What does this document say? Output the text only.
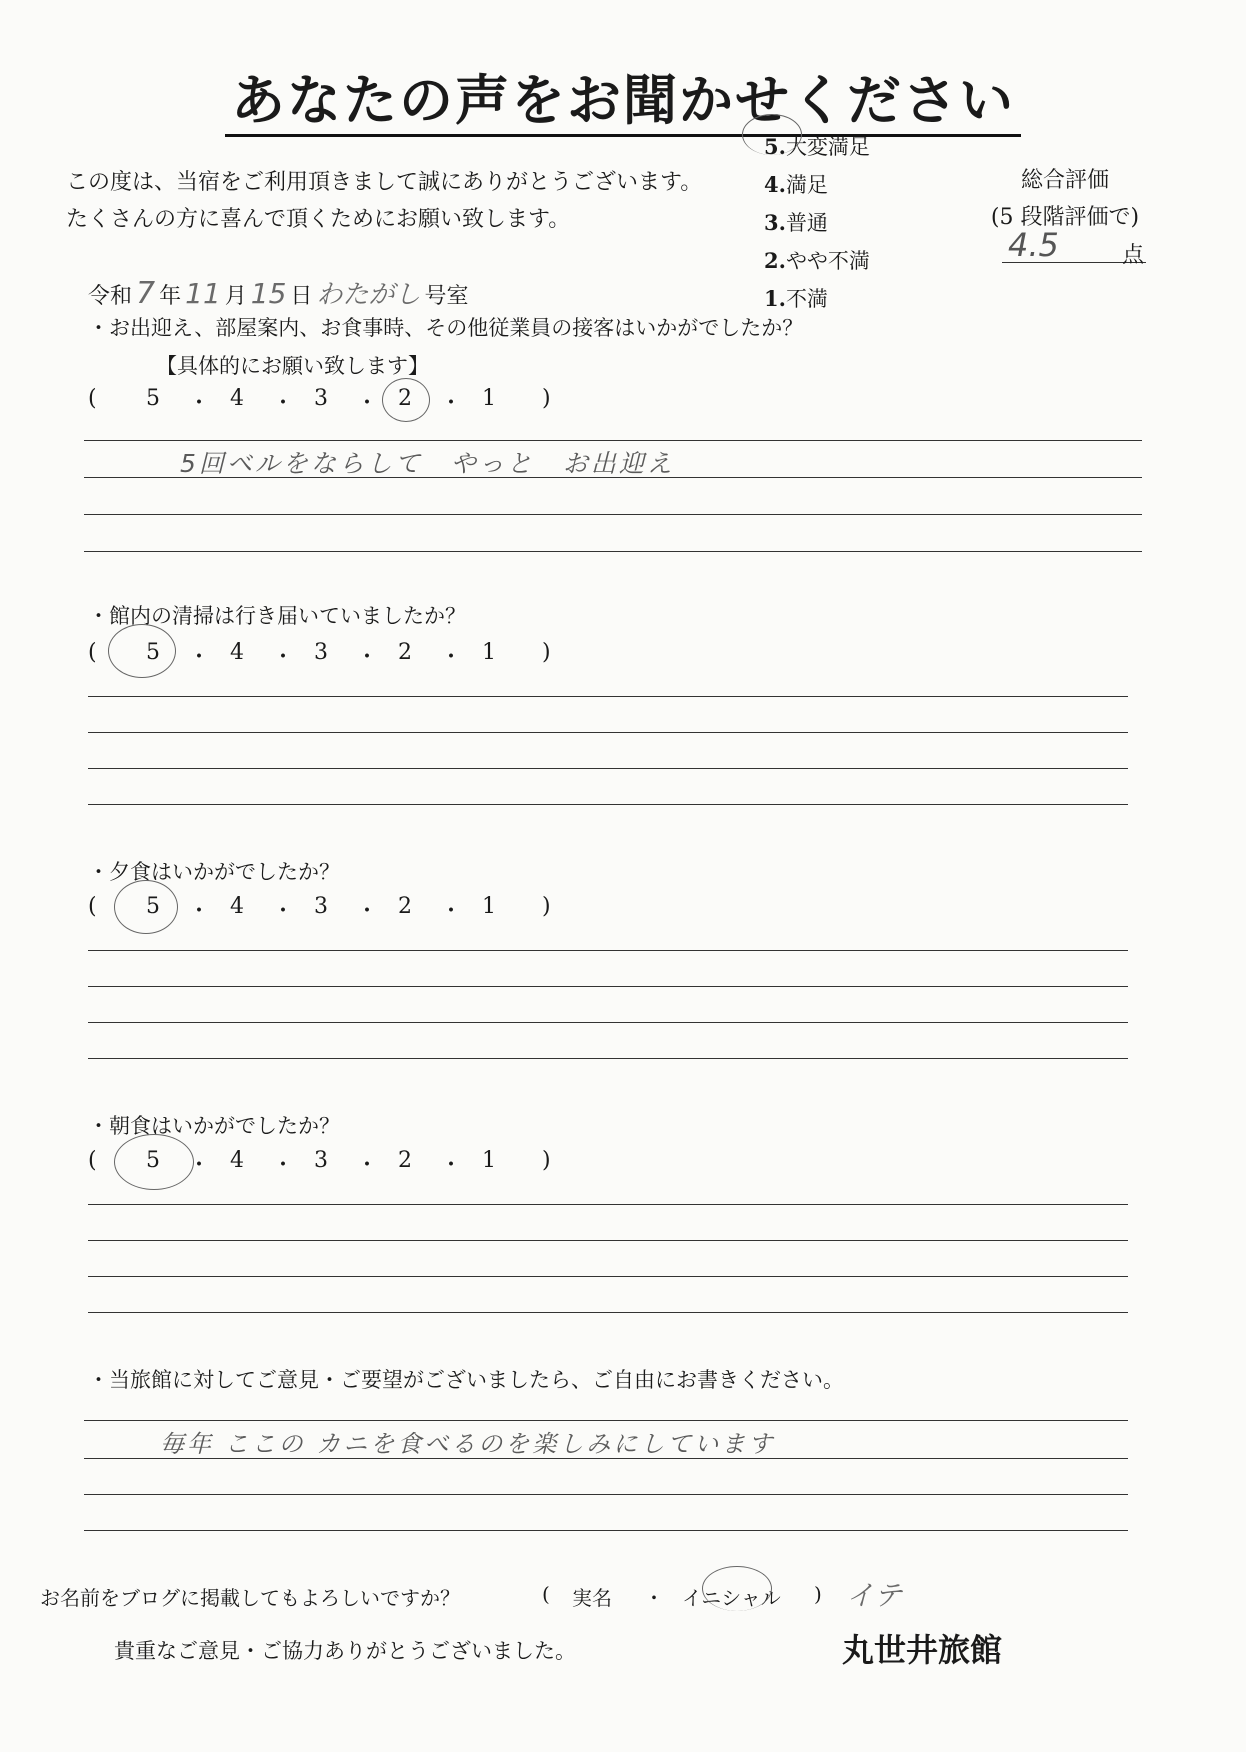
あなたの声をお聞かせください
この度は、当宿をご利用頂きまして誠にありがとうございます。
たくさんの方に喜んで頂くためにお願い致します。
5.大変満足
4.満足
3.普通
2.やや不満
1.不満
総合評価
(5 段階評価で)
4.5	点
令和 7 年 11 月 15 日 わたがし 号室
・お出迎え、部屋案内、お食事時、その他従業員の接客はいかがでしたか？
【具体的にお願い致します】
( 5 ・ 4 ・ 3 ・ 2 ・ 1 )
5回ベルをならして　やっと　お出迎え
・館内の清掃は行き届いていましたか？
( 5 ・ 4 ・ 3 ・ 2 ・ 1 )
・夕食はいかがでしたか？
( 5 ・ 4 ・ 3 ・ 2 ・ 1 )
・朝食はいかがでしたか？
( 5 ・ 4 ・ 3 ・ 2 ・ 1 )
・当旅館に対してご意見・ご要望がございましたら、ご自由にお書きください。
毎年 ここの カニを食べるのを楽しみにしています
お名前をブログに掲載してもよろしいですか？	( 実名 ・ イニシャル ) イテ
貴重なご意見・ご協力ありがとうございました。	丸世井旅館
